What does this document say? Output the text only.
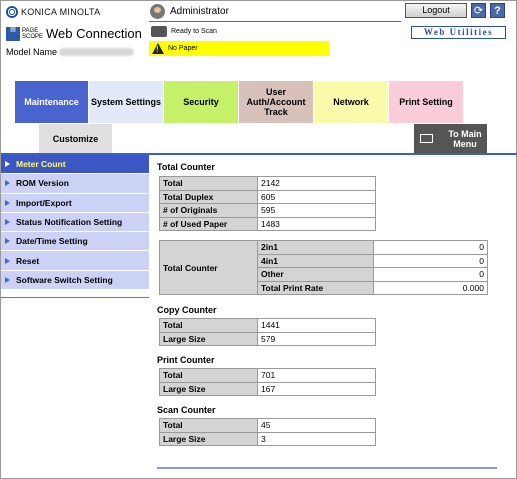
KONICA MINOLTA
▤	PAGE
SCOPE Web Connection
Model Name
Administrator
Ready to Scan
!
No Paper
Logout	⟳	?
Web Utilities
Maintenance	System Settings	Security
User Auth/Account Track
Network	Print Setting
Customize	To Main Menu
Meter Count
ROM Version
Import/Export
Status Notification Setting
Date/Time Setting
Reset
Software Switch Setting
Total Counter
Total	2142
Total Duplex	605
# of Originals	595
# of Used Paper	1483
Total Counter	2in1	0
	4in1	0
	Other	0
	Total Print Rate	0.000
Copy Counter
Total	1441
Large Size	579
Print Counter
Total	701
Large Size	167
Scan Counter
Total	45
Large Size	3
